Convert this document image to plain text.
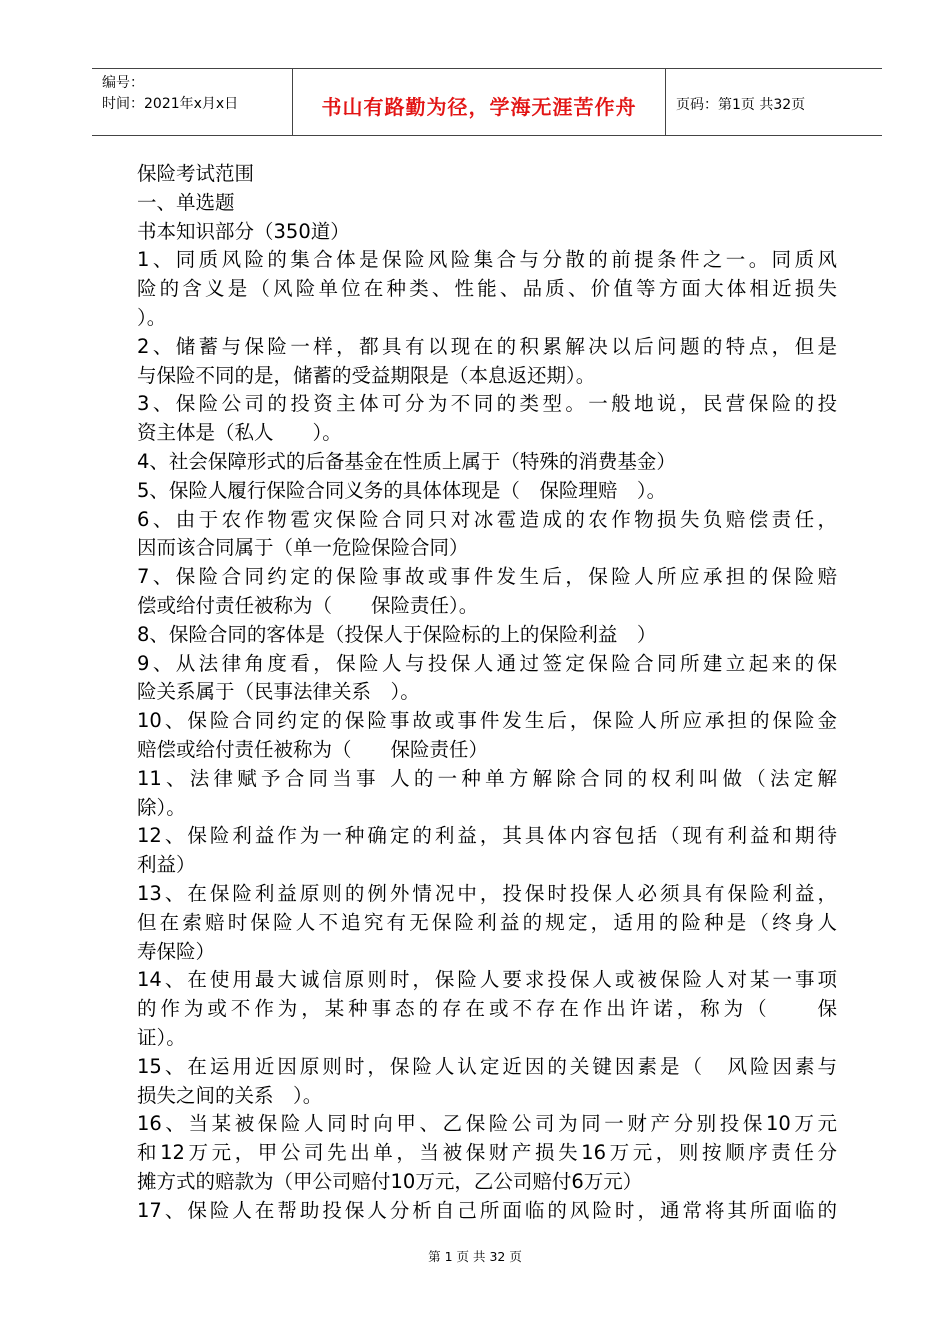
编号：
时间：2021年x月x日	书山有路勤为径，学海无涯苦作舟	页码：第1页 共32页
保险考试范围
一、单选题
书本知识部分（350道）
1、同质风险的集合体是保险风险集合与分散的前提条件之一。同质风
险的含义是（风险单位在种类、性能、品质、价值等方面大体相近损失
）。
2、储蓄与保险一样，都具有以现在的积累解决以后问题的特点，但是
与保险不同的是，储蓄的受益期限是（本息返还期）。
3、保险公司的投资主体可分为不同的类型。一般地说，民营保险的投
资主体是（私人　　）。
4、社会保障形式的后备基金在性质上属于（特殊的消费基金）
5、保险人履行保险合同义务的具体体现是（　保险理赔　）。
6、由于农作物雹灾保险合同只对冰雹造成的农作物损失负赔偿责任，
因而该合同属于（单一危险保险合同）
7、保险合同约定的保险事故或事件发生后，保险人所应承担的保险赔
偿或给付责任被称为（　　保险责任）。
8、保险合同的客体是（投保人于保险标的上的保险利益　）
9、从法律角度看，保险人与投保人通过签定保险合同所建立起来的保
险关系属于（民事法律关系　）。
10、保险合同约定的保险事故或事件发生后，保险人所应承担的保险金
赔偿或给付责任被称为（　　保险责任）
11、法律赋予合同当事 人的一种单方解除合同的权利叫做（法定解
除）。
12、保险利益作为一种确定的利益，其具体内容包括（现有利益和期待
利益）
13、在保险利益原则的例外情况中，投保时投保人必须具有保险利益，
但在索赔时保险人不追究有无保险利益的规定，适用的险种是（终身人
寿保险）
14、在使用最大诚信原则时，保险人要求投保人或被保险人对某一事项
的作为或不作为，某种事态的存在或不存在作出许诺，称为（　　保
证）。
15、在运用近因原则时，保险人认定近因的关键因素是（　风险因素与
损失之间的关系　）。
16、当某被保险人同时向甲、乙保险公司为同一财产分别投保10万元
和12万元，甲公司先出单，当被保财产损失16万元，则按顺序责任分
摊方式的赔款为（甲公司赔付10万元，乙公司赔付6万元）
17、保险人在帮助投保人分析自己所面临的风险时，通常将其所面临的
第 1 页 共 32 页
